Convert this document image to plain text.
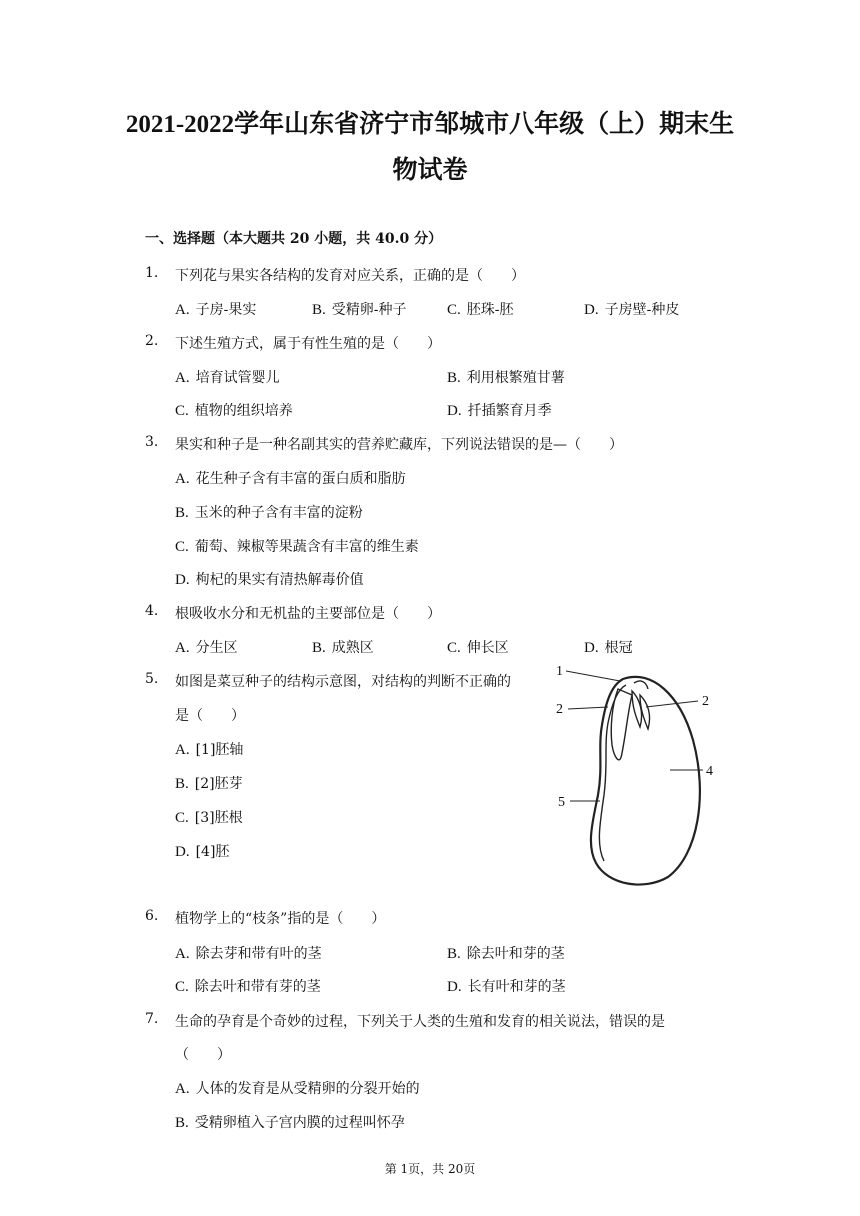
2021-2022学年山东省济宁市邹城市八年级（上）期末生
物试卷
一、选择题（本大题共 20 小题，共 40.0 分）
1. 下列花与果实各结构的发育对应关系，正确的是（　　）
A. 子房-果实	B. 受精卵-种子	C. 胚珠-胚	D. 子房壁-种皮
2. 下述生殖方式，属于有性生殖的是（　　）
A. 培育试管婴儿	B. 利用根繁殖甘薯
C. 植物的组织培养	D. 扦插繁育月季
3. 果实和种子是一种名副其实的营养贮藏库，下列说法错误的是—（　　）
A. 花生种子含有丰富的蛋白质和脂肪
B. 玉米的种子含有丰富的淀粉
C. 葡萄、辣椒等果蔬含有丰富的维生素
D. 枸杞的果实有清热解毒价值
4. 根吸收水分和无机盐的主要部位是（　　）
A. 分生区	B. 成熟区	C. 伸长区	D. 根冠
5. 如图是菜豆种子的结构示意图，对结构的判断不正确的
是（　　）
A. [1]胚轴
B. [2]胚芽
C. [3]胚根
D. [4]胚
1
2
2
4
5
6. 植物学上的“枝条”指的是（　　）
A. 除去芽和带有叶的茎	B. 除去叶和芽的茎
C. 除去叶和带有芽的茎	D. 长有叶和芽的茎
7. 生命的孕育是个奇妙的过程，下列关于人类的生殖和发育的相关说法，错误的是
（　　）
A. 人体的发育是从受精卵的分裂开始的
B. 受精卵植入子宫内膜的过程叫怀孕
第 1页，共 20页
